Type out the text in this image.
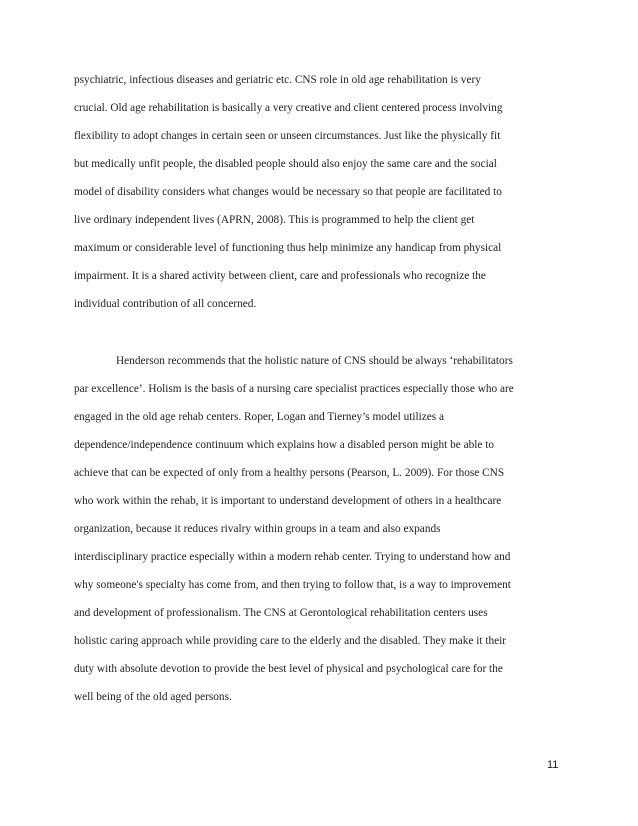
psychiatric, infectious diseases and geriatric etc. CNS role in old age rehabilitation is very
crucial. Old age rehabilitation is basically a very creative and client centered process involving
flexibility to adopt changes in certain seen or unseen circumstances. Just like the physically fit
but medically unfit people, the disabled people should also enjoy the same care and the social
model of disability considers what changes would be necessary so that people are facilitated to
live ordinary independent lives (APRN, 2008). This is programmed to help the client get
maximum or considerable level of functioning thus help minimize any handicap from physical
impairment. It is a shared activity between client, care and professionals who recognize the
individual contribution of all concerned.
Henderson recommends that the holistic nature of CNS should be always ‘rehabilitators
par excellence’. Holism is the basis of a nursing care specialist practices especially those who are
engaged in the old age rehab centers. Roper, Logan and Tierney’s model utilizes a
dependence/independence continuum which explains how a disabled person might be able to
achieve that can be expected of only from a healthy persons (Pearson, L. 2009). For those CNS
who work within the rehab, it is important to understand development of others in a healthcare
organization, because it reduces rivalry within groups in a team and also expands
interdisciplinary practice especially within a modern rehab center. Trying to understand how and
why someone's specialty has come from, and then trying to follow that, is a way to improvement
and development of professionalism. The CNS at Gerontological rehabilitation centers uses
holistic caring approach while providing care to the elderly and the disabled. They make it their
duty with absolute devotion to provide the best level of physical and psychological care for the
well being of the old aged persons.
11
